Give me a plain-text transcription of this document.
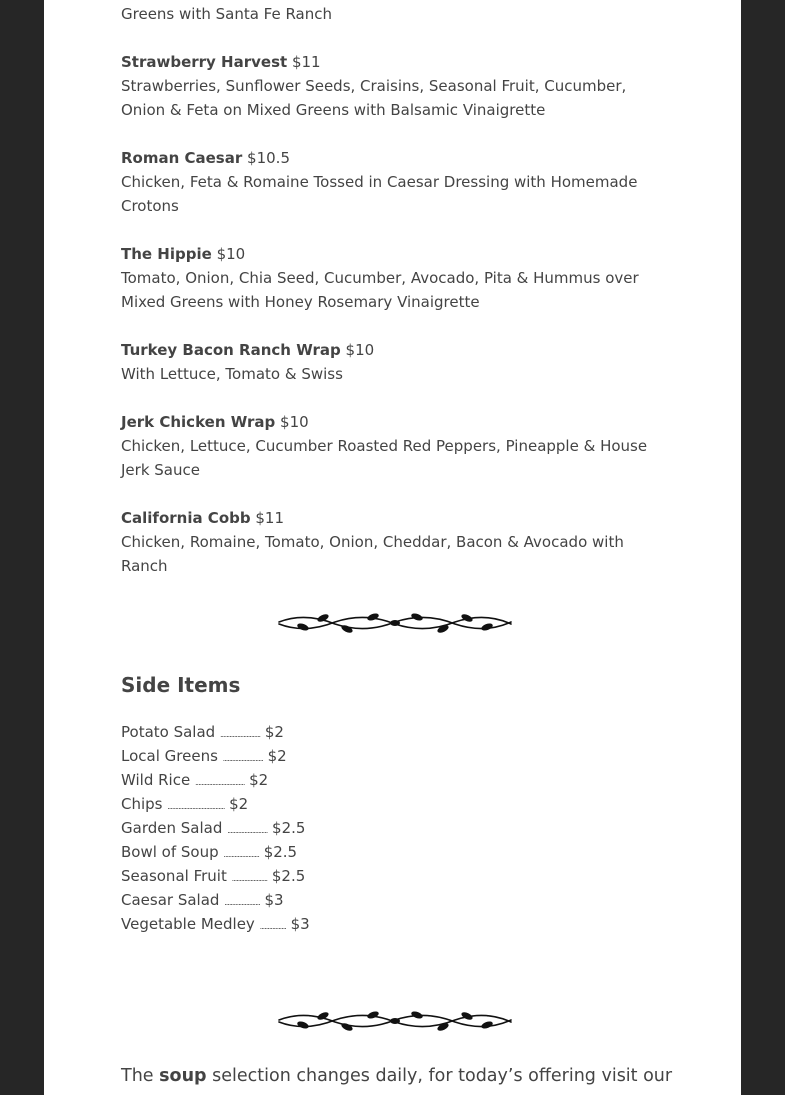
Greens with Santa Fe Ranch
Strawberry Harvest $11
Strawberries, Sunflower Seeds, Craisins, Seasonal Fruit, Cucumber, Onion & Feta on Mixed Greens with Balsamic Vinaigrette
Roman Caesar $10.5
Chicken, Feta & Romaine Tossed in Caesar Dressing with Homemade Crotons
The Hippie $10
Tomato, Onion, Chia Seed, Cucumber, Avocado, Pita & Hummus over Mixed Greens with Honey Rosemary Vinaigrette
Turkey Bacon Ranch Wrap $10
With Lettuce, Tomato & Swiss
Jerk Chicken Wrap $10
Chicken, Lettuce, Cucumber Roasted Red Peppers, Pineapple & House Jerk Sauce
California Cobb $11
Chicken, Romaine, Tomato, Onion, Cheddar, Bacon & Avocado with Ranch
Side Items
Potato Salad .......................... $2
Local Greens .......................... $2
Wild Rice ................................ $2
Chips ..................................... $2
Garden Salad .......................... $2.5
Bowl of Soup ....................... $2.5
Seasonal Fruit ....................... $2.5
Caesar Salad ....................... $3
Vegetable Medley ................. $3
The soup selection changes daily, for today’s offering visit our
